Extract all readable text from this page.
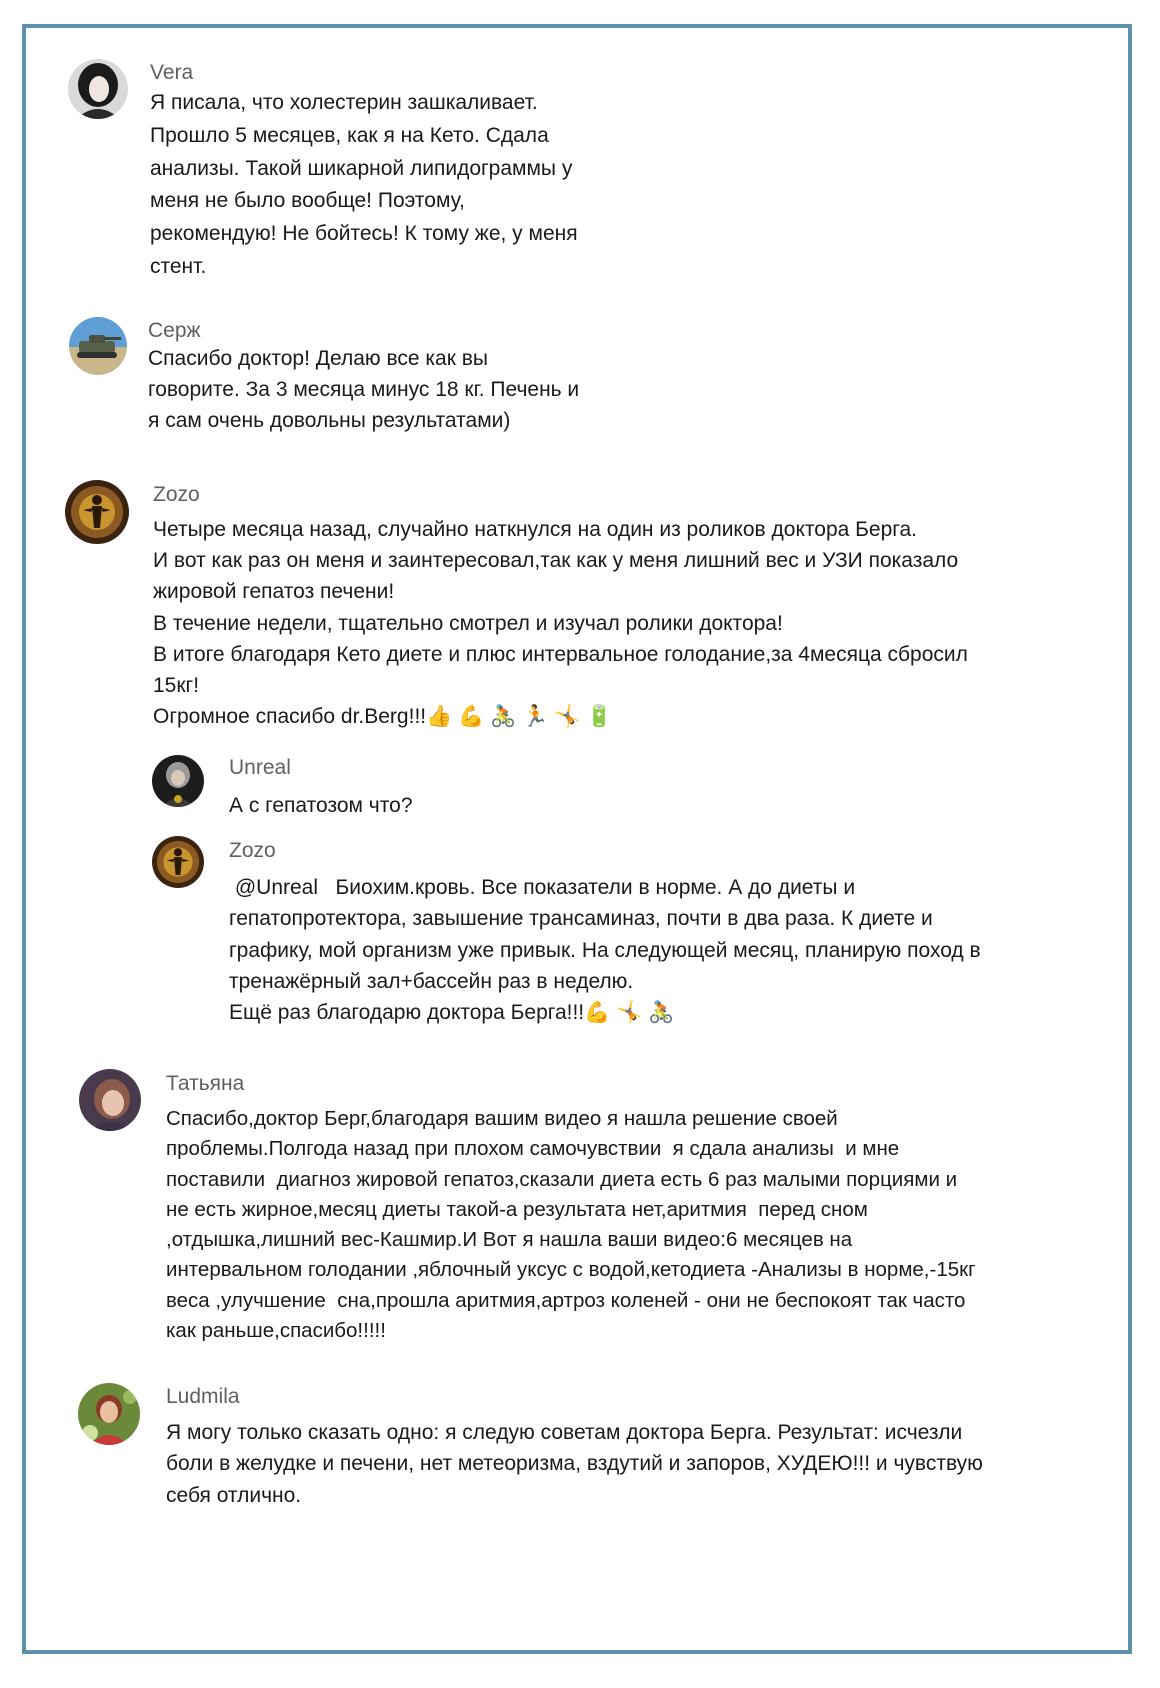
Vera
Я писала, что холестерин зашкаливает.
Прошло 5 месяцев, как я на Кето. Сдала
анализы. Такой шикарной липидограммы у
меня не было вообще! Поэтому,
рекомендую! Не бойтесь! К тому же, у меня
стент.
Серж
Спасибо доктор! Делаю все как вы
говорите. За 3 месяца минус 18 кг. Печень и
я сам очень довольны результатами)
Zozo
Четыре месяца назад, случайно наткнулся на один из роликов доктора Берга.
И вот как раз он меня и заинтересовал,так как у меня лишний вес и УЗИ показало
жировой гепатоз печени!
В течение недели, тщательно смотрел и изучал ролики доктора!
В итоге благодаря Кето диете и плюс интервальное голодание,за 4месяца сбросил
15кг!
Огромное спасибо dr.Berg!!!👍 💪 🚴 🏃 🤸 🔋
Unreal
А с гепатозом что?
Zozo
@Unreal   Биохим.кровь. Все показатели в норме. А до диеты и
гепатопротектора, завышение трансаминаз, почти в два раза. К диете и
графику, мой организм уже привык. На следующей месяц, планирую поход в
тренажёрный зал+бассейн раз в неделю.
Ещё раз благодарю доктора Берга!!!💪 🤸 🚴
Татьяна
Спасибо,доктор Берг,благодаря вашим видео я нашла решение своей
проблемы.Полгода назад при плохом самочувствии  я сдала анализы  и мне
поставили  диагноз жировой гепатоз,сказали диета есть 6 раз малыми порциями и
не есть жирное,месяц диеты такой-а результата нет,аритмия  перед сном
,отдышка,лишний вес-Кашмир.И Вот я нашла ваши видео:6 месяцев на
интервальном голодании ,яблочный уксус с водой,кетодиета -Анализы в норме,-15кг
веса ,улучшение  сна,прошла аритмия,артроз коленей - они не беспокоят так часто
как раньше,спасибо!!!!!
Ludmila
Я могу только сказать одно: я следую советам доктора Берга. Результат: исчезли
боли в желудке и печени, нет метеоризма, вздутий и запоров, ХУДЕЮ!!! и чувствую
себя отлично.
